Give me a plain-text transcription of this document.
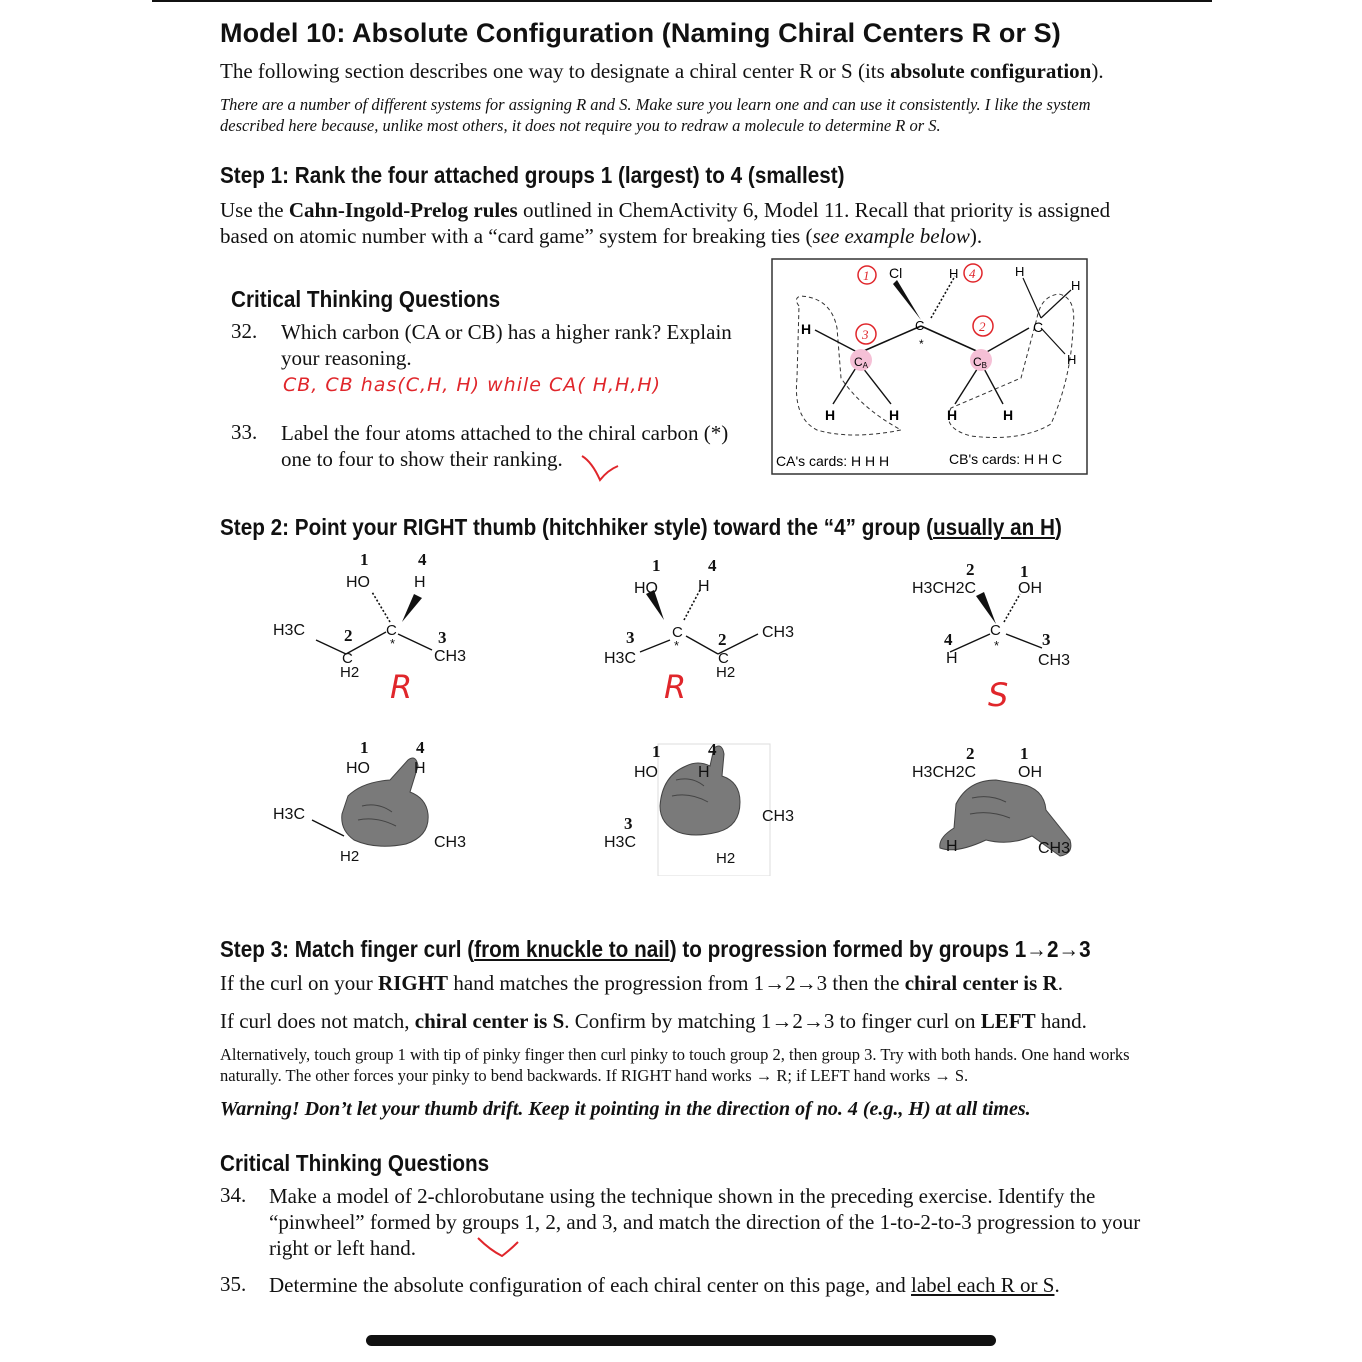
Model 10: Absolute Configuration (Naming Chiral Centers R or S)
The following section describes one way to designate a chiral center R or S (its absolute configuration).
There are a number of different systems for assigning R and S. Make sure you learn one and can use it consistently. I like the system described here because, unlike most others, it does not require you to redraw a molecule to determine R or S.
Step 1: Rank the four attached groups 1 (largest) to 4 (smallest)
Use the Cahn-Ingold-Prelog rules outlined in ChemActivity 6, Model 11. Recall that priority is assigned based on atomic number with a “card game” system for breaking ties (see example below).
Critical Thinking Questions
32. Which carbon (CA or CB) has a higher rank? Explain your reasoning.
CB, CB has(C,H, H) while CA( H,H,H)
33. Label the four atoms attached to the chiral carbon (*) one to four to show their ranking.
CA	CB
C
*
Cl	H	H
H
C
H
H
H	H	H	H
1	4
3
2
CA's cards: H H H	CB's cards: H H C
Step 2: Point your RIGHT thumb (hitchhiker style) toward the “4” group (usually an H)
1	4
HO	H
H3C 2 C
*	3
CH3
C
H2 R
1	4
HO	H
3
H3C
C
* 2 CH3
C
H2
R
2	1
H3CH2C	OH
4
H
C
*	3
CH3
S
1	4
HO	H
H3C
CH3
H2
1	4
HO	H
3
H3C
CH3
H2
2	1
H3CH2C	OH
CH3
H
Step 3: Match finger curl (from knuckle to nail) to progression formed by groups 1→2→3
If the curl on your RIGHT hand matches the progression from 1→2→3 then the chiral center is R.
If curl does not match, chiral center is S. Confirm by matching 1→2→3 to finger curl on LEFT hand.
Alternatively, touch group 1 with tip of pinky finger then curl pinky to touch group 2, then group 3. Try with both hands. One hand works naturally. The other forces your pinky to bend backwards. If RIGHT hand works → R; if LEFT hand works → S.
Warning! Don’t let your thumb drift. Keep it pointing in the direction of no. 4 (e.g., H) at all times.
Critical Thinking Questions
34. Make a model of 2-chlorobutane using the technique shown in the preceding exercise. Identify the “pinwheel” formed by groups 1, 2, and 3, and match the direction of the 1-to-2-to-3 progression to your right or left hand.
35. Determine the absolute configuration of each chiral center on this page, and label each R or S.
